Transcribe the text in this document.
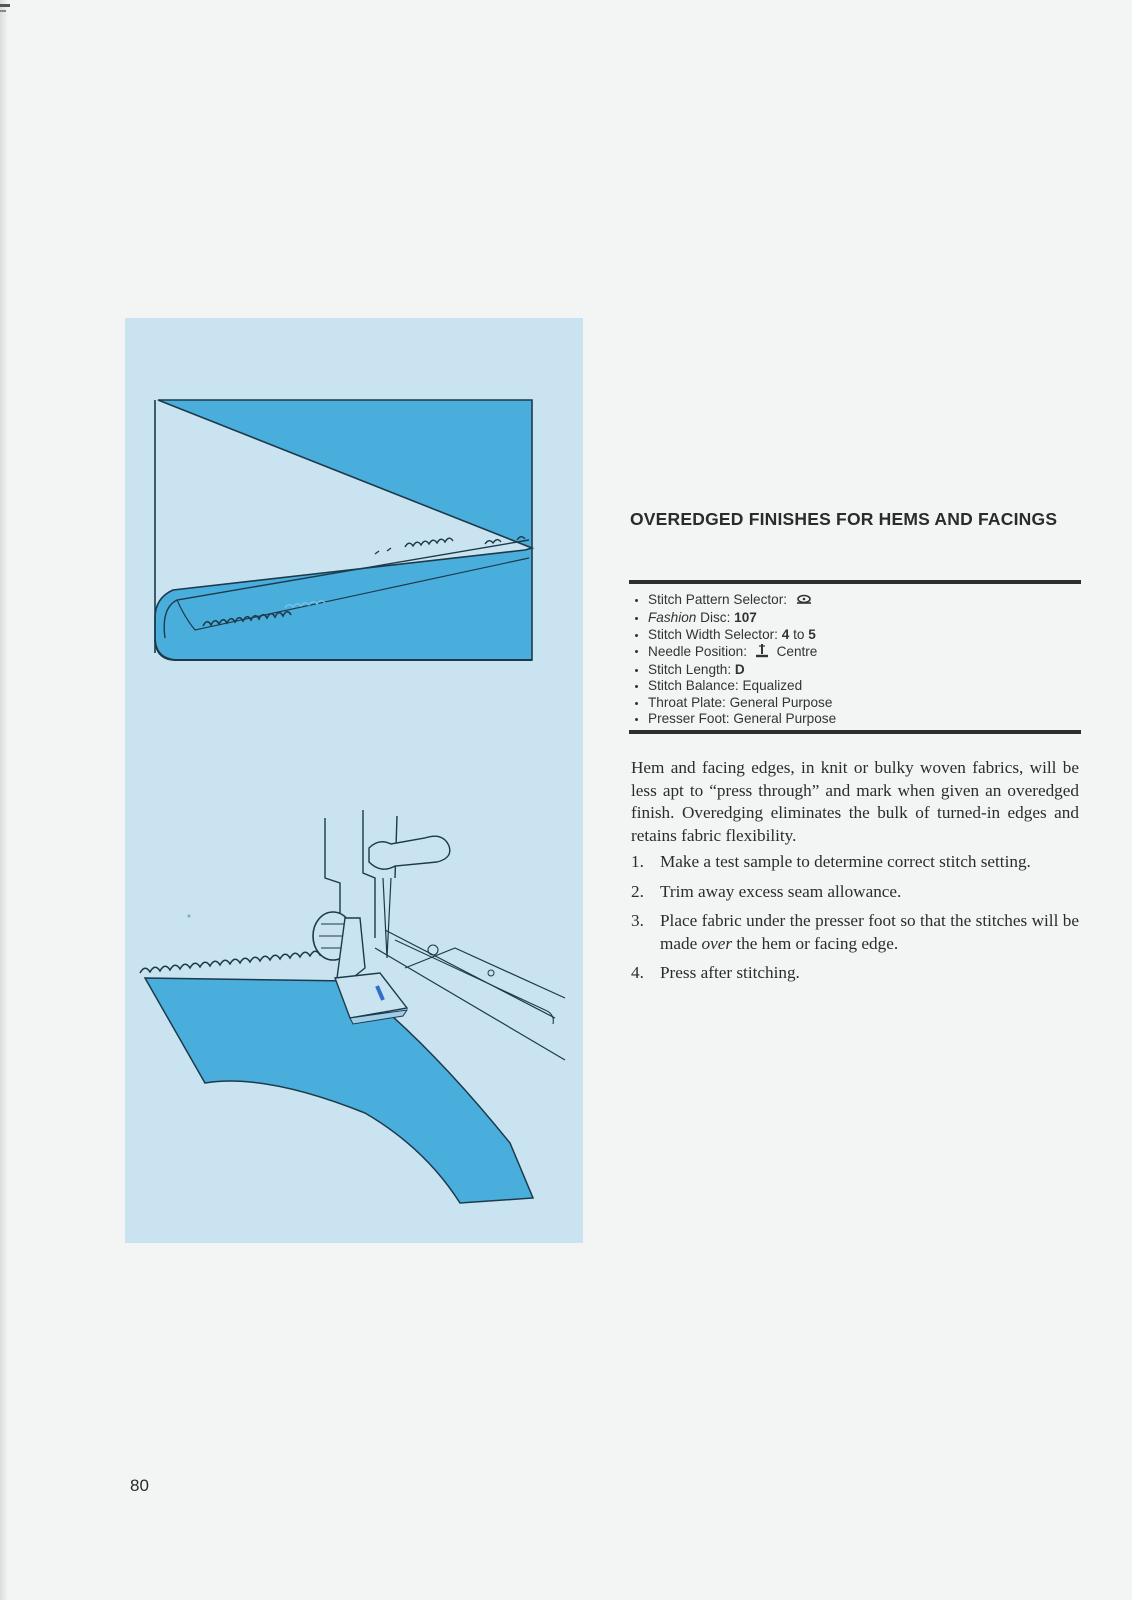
OVEREDGED FINISHES FOR HEMS AND FACINGS
Stitch Pattern Selector:
Fashion Disc: 107
Stitch Width Selector: 4 to 5
Needle Position: Centre
Stitch Length: D
Stitch Balance: Equalized
Throat Plate: General Purpose
Presser Foot: General Purpose

Hem and facing edges, in knit or bulky woven fabrics, will be less apt to “press through” and mark when given an overedged finish. Overedging eliminates the bulk of turned-in edges and retains fabric flexibility.

1. Make a test sample to determine correct stitch setting.
2. Trim away excess seam allowance.
3. Place fabric under the presser foot so that the stitches will be made over the hem or facing edge.
4. Press after stitching.
80
